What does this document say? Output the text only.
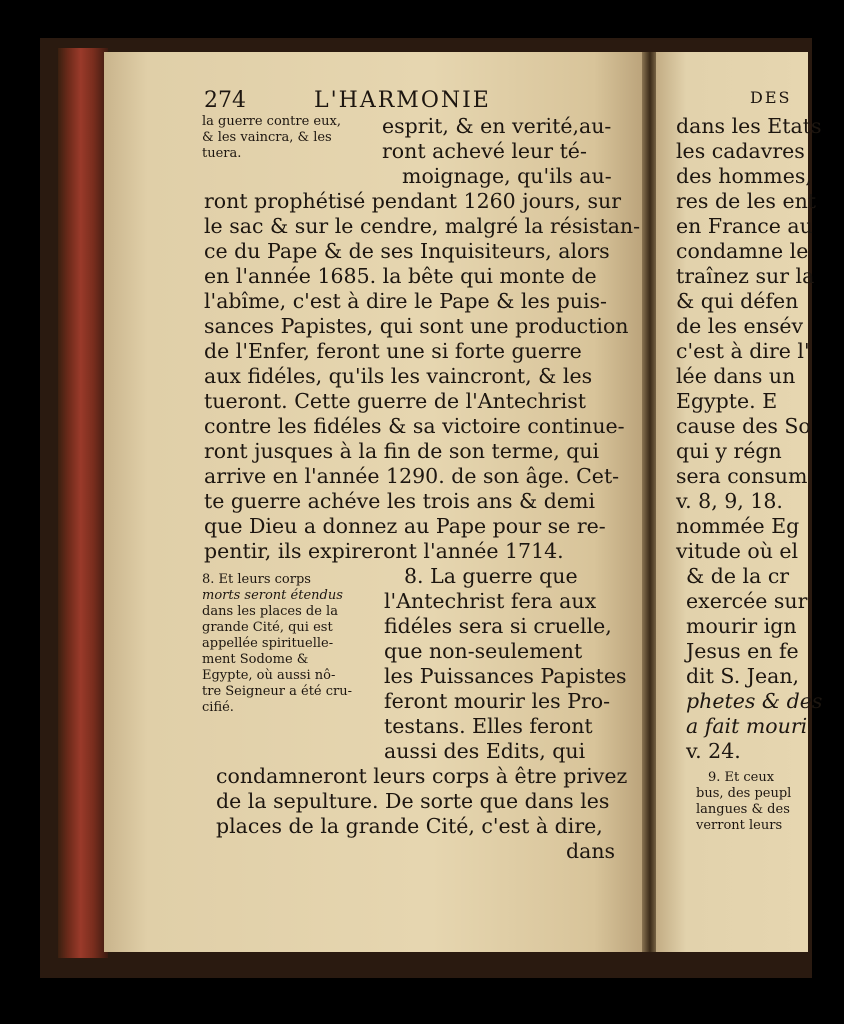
274	L'HARMONIE
la guerre contre eux,
& les vaincra, & les
tuera.
esprit, & en verité,au-
ront achevé leur té-
moignage, qu'ils au-
ront prophétisé pendant 1260 jours, sur
le sac & sur le cendre, malgré la résistan-
ce du Pape & de ses Inquisiteurs, alors
en l'année 1685. la bête qui monte de
l'abîme, c'est à dire le Pape & les puis-
sances Papistes, qui sont une production
de l'Enfer, feront une si forte guerre
aux fidéles, qu'ils les vaincront, & les
tueront. Cette guerre de l'Antechrist
contre les fidéles & sa victoire continue-
ront jusques à la fin de son terme, qui
arrive en l'année 1290. de son âge. Cet-
te guerre achéve les trois ans & demi
que Dieu a donnez au Pape pour se re-
pentir, ils expireront l'année 1714.
8. Et leurs corps
morts seront étendus
dans les places de la
grande Cité, qui est
appellée spirituelle-
ment Sodome &
Egypte, où aussi nô-
tre Seigneur a été cru-
cifié.
8. La guerre que
l'Antechrist fera aux
fidéles sera si cruelle,
que non-seulement
les Puissances Papistes
feront mourir les Pro-
testans. Elles feront
aussi des Edits, qui
condamneront leurs corps à être privez
de la sepulture. De sorte que dans les
places de la grande Cité, c'est à dire,
dans
DES
dans les Etats
les cadavres
des hommes,
res de les ent
en France au
condamne le
traînez sur la
& qui défen
de les ensév
c'est à dire l'
lée dans un
Egypte. E
cause des So
qui y régn
sera consum
v. 8, 9, 18.
nommée Eg
vitude où el
& de la cr
exercée sur
mourir ign
Jesus en fe
dit S. Jean,
phetes & des
a fait mouri
v. 24.
9. Et ceux
bus, des peupl
langues & des
verront leurs
